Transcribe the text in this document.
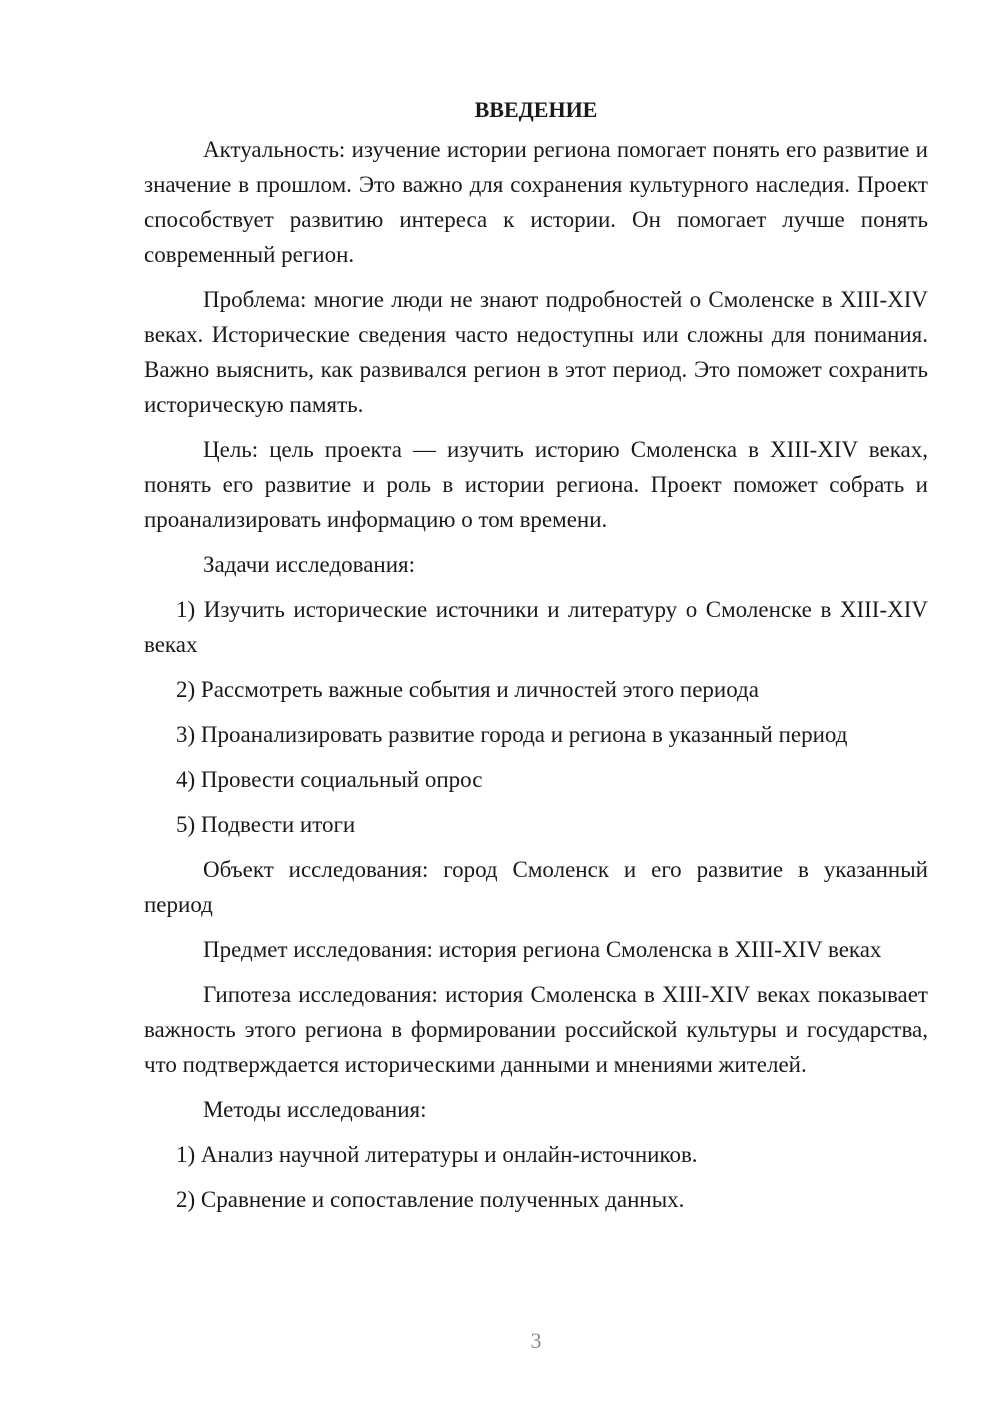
ВВЕДЕНИЕ

Актуальность: изучение истории региона помогает понять его развитие и значение в прошлом. Это важно для сохранения культурного наследия. Проект способствует развитию интереса к истории. Он помогает лучше понять современный регион.

Проблема: многие люди не знают подробностей о Смоленске в XIII-XIV веках. Исторические сведения часто недоступны или сложны для понимания. Важно выяснить, как развивался регион в этот период. Это поможет сохранить историческую память.

Цель: цель проекта — изучить историю Смоленска в XIII-XIV веках, понять его развитие и роль в истории региона. Проект поможет собрать и проанализировать информацию о том времени.

Задачи исследования:

1) Изучить исторические источники и литературу о Смоленске в XIII-XIV веках

2) Рассмотреть важные события и личностей этого периода

3) Проанализировать развитие города и региона в указанный период

4) Провести социальный опрос

5) Подвести итоги

Объект исследования: город Смоленск и его развитие в указанный период

Предмет исследования: история региона Смоленска в XIII-XIV веках

Гипотеза исследования: история Смоленска в XIII-XIV веках показывает важность этого региона в формировании российской культуры и государства, что подтверждается историческими данными и мнениями жителей.

Методы исследования:

1) Анализ научной литературы и онлайн-источников.

2) Сравнение и сопоставление полученных данных.

3
